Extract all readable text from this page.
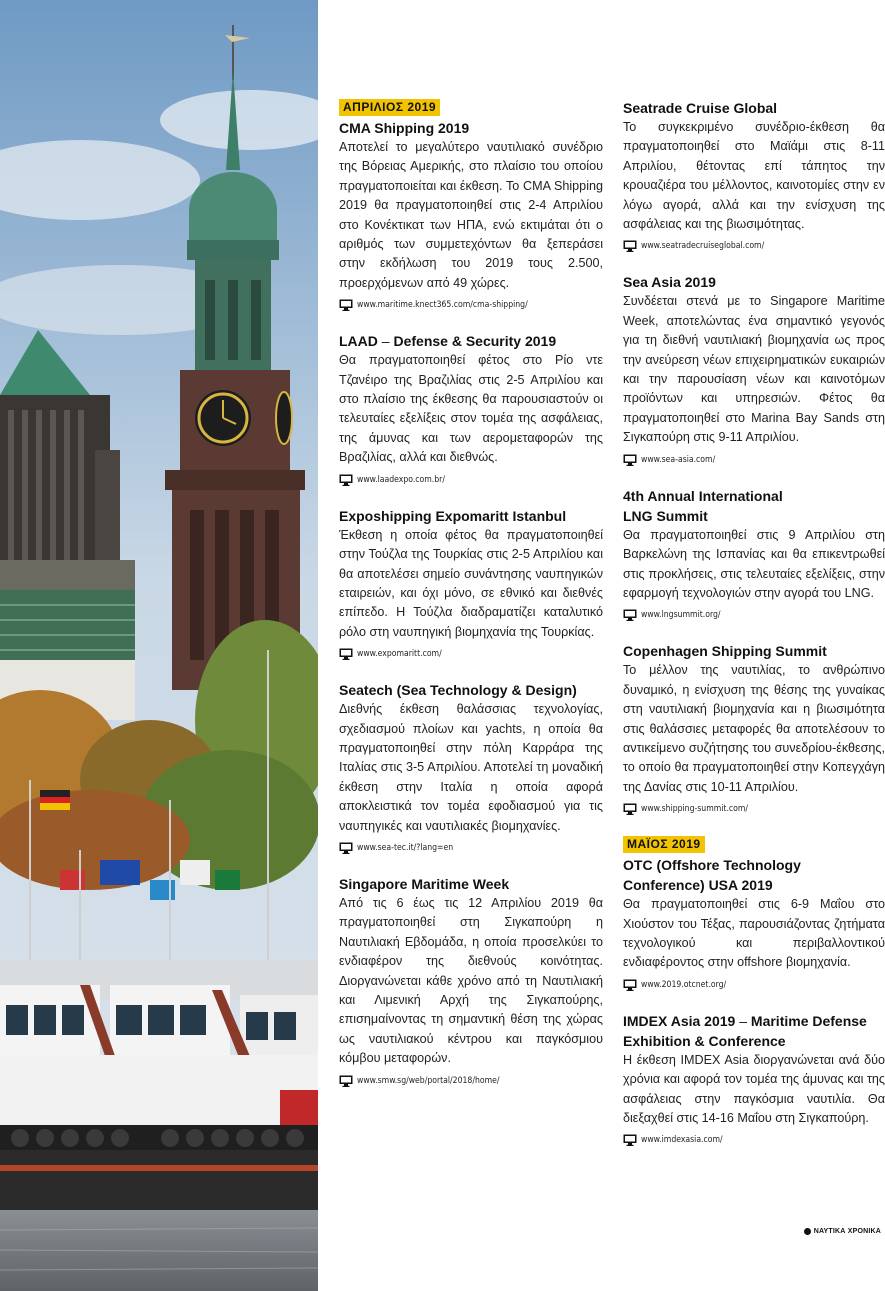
ΑΠΡΙΛΙΟΣ 2019
CMA Shipping 2019

Αποτελεί το μεγαλύτερο ναυτιλιακό συνέδριο της Βόρειας Αμερικής, στο πλαίσιο του οποίου πραγματοποιείται και έκθεση. Το CMA Shipping 2019 θα πραγματοποιηθεί στις 2-4 Απριλίου στο Κονέκτικατ των ΗΠΑ, ενώ εκτιμάται ότι ο αριθμός των συμμετεχόντων θα ξεπεράσει στην εκδήλωση του 2019 τους 2.500, προερχόμενων από 49 χώρες.

www.maritime.knect365.com/cma-shipping/
LAAD – Defense & Security 2019

Θα πραγματοποιηθεί φέτος στο Ρίο ντε Τζανέιρο της Βραζιλίας στις 2-5 Απριλίου και στο πλαίσιο της έκθεσης θα παρουσιαστούν οι τελευταίες εξελίξεις στον τομέα της ασφάλειας, της άμυνας και των αερομεταφορών της Βραζιλίας, αλλά και διεθνώς.

www.laadexpo.com.br/
Exposhipping Expomaritt Istanbul

Έκθεση η οποία φέτος θα πραγματοποιηθεί στην Τούζλα της Τουρκίας στις 2-5 Απριλίου και θα αποτελέσει σημείο συνάντησης ναυπηγικών εταιρειών, και όχι μόνο, σε εθνικό και διεθνές επίπεδο. Η Τούζλα διαδραματίζει καταλυτικό ρόλο στη ναυπηγική βιομηχανία της Τουρκίας.

www.expomaritt.com/
Seatech (Sea Technology & Design)

Διεθνής έκθεση θαλάσσιας τεχνολογίας, σχεδιασμού πλοίων και yachts, η οποία θα πραγματοποιηθεί στην πόλη Καρράρα της Ιταλίας στις 3-5 Απριλίου. Αποτελεί τη μοναδική έκθεση στην Ιταλία η οποία αφορά αποκλειστικά τον τομέα εφοδιασμού για τις ναυπηγικές και ναυτιλιακές βιομηχανίες.

www.sea-tec.it/?lang=en
Singapore Maritime Week

Από τις 6 έως τις 12 Απριλίου 2019 θα πραγματοποιηθεί στη Σιγκαπούρη η Ναυτιλιακή Εβδομάδα, η οποία προσελκύει το ενδιαφέρον της διεθνούς κοινότητας. Διοργανώνεται κάθε χρόνο από τη Ναυτιλιακή και Λιμενική Αρχή της Σιγκαπούρης, επισημαίνοντας τη σημαντική θέση της χώρας ως ναυτιλιακού κέντρου και παγκόσμιου κόμβου μεταφορών.

www.smw.sg/web/portal/2018/home/
Seatrade Cruise Global

Το συγκεκριμένο συνέδριο-έκθεση θα πραγματοποιηθεί στο Μαϊάμι στις 8-11 Απριλίου, θέτοντας επί τάπητος την κρουαζιέρα του μέλλοντος, καινοτομίες στην εν λόγω αγορά, αλλά και την ενίσχυση της ασφάλειας και της βιωσιμότητας.

www.seatradecruiseglobal.com/
Sea Asia 2019

Συνδέεται στενά με το Singapore Maritime Week, αποτελώντας ένα σημαντικό γεγονός για τη διεθνή ναυτιλιακή βιομηχανία ως προς την ανεύρεση νέων επιχειρηματικών ευκαιριών και την παρουσίαση νέων και καινοτόμων προϊόντων και υπηρεσιών. Φέτος θα πραγματοποιηθεί στο Marina Bay Sands στη Σιγκαπούρη στις 9-11 Απριλίου.

www.sea-asia.com/
4th Annual International
LNG Summit

Θα πραγματοποιηθεί στις 9 Απριλίου στη Βαρκελώνη της Ισπανίας και θα επικεντρωθεί στις προκλήσεις, στις τελευταίες εξελίξεις, στην εφαρμογή τεχνολογιών στην αγορά του LNG.

www.lngsummit.org/
Copenhagen Shipping Summit

Το μέλλον της ναυτιλίας, το ανθρώπινο δυναμικό, η ενίσχυση της θέσης της γυναίκας στη ναυτιλιακή βιομηχανία και η βιωσιμότητα στις θαλάσσιες μεταφορές θα αποτελέσουν το αντικείμενο συζήτησης του συνεδρίου-έκθεσης, το οποίο θα πραγματοποιηθεί στην Κοπεγχάγη της Δανίας στις 10-11 Απριλίου.

www.shipping-summit.com/
ΜΑΪΟΣ 2019
OTC (Offshore Technology
Conference) USA 2019

Θα πραγματοποιηθεί στις 6-9 Μαΐου στο Χιούστον του Τέξας, παρουσιάζοντας ζητήματα τεχνολογικού και περιβαλλοντικού ενδιαφέροντος στην offshore βιομηχανία.

www.2019.otcnet.org/
IMDEX Asia 2019 – Maritime Defense
Exhibition & Conference

Η έκθεση IMDEX Asia διοργανώνεται ανά δύο χρόνια και αφορά τον τομέα της άμυνας και της ασφάλειας στην παγκόσμια ναυτιλία. Θα διεξαχθεί στις 14-16 Μαΐου στη Σιγκαπούρη.

www.imdexasia.com/
ΝΑΥΤΙΚΑ ΧΡΟΝΙΚΑ
